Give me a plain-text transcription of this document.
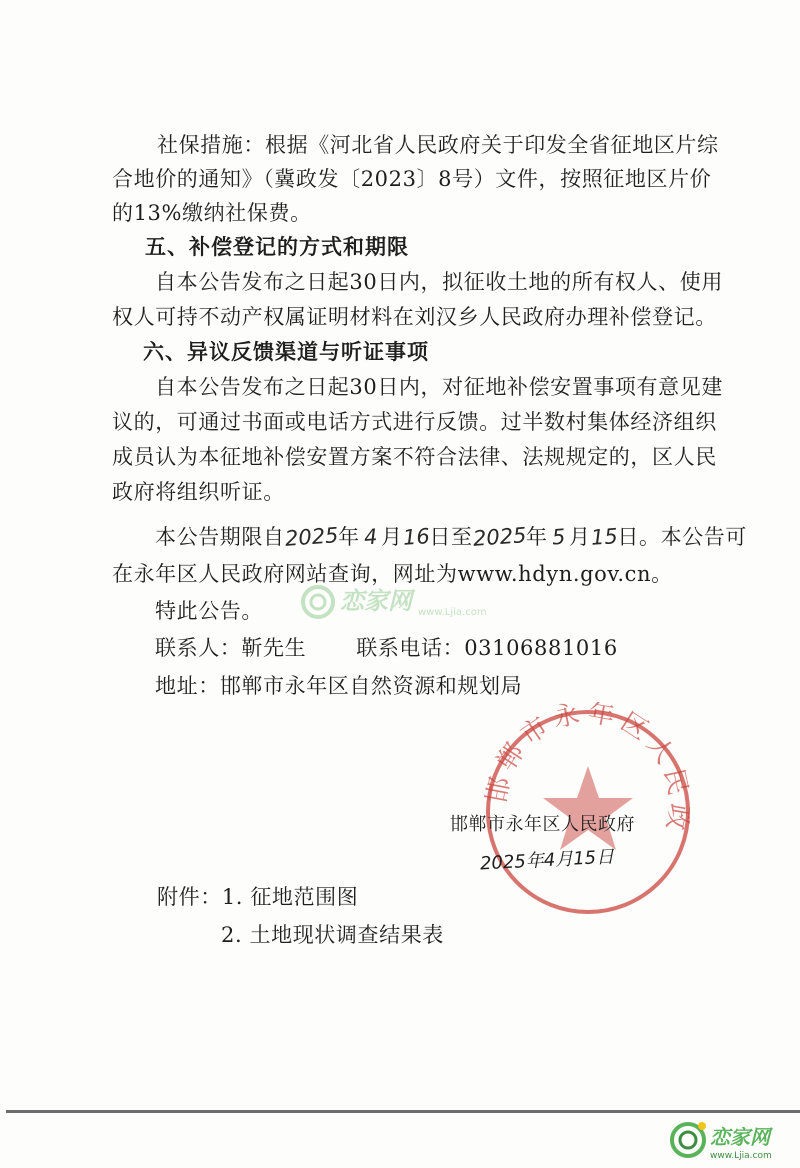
社保措施：根据《河北省人民政府关于印发全省征地区片综
合地价的通知》（冀政发〔2023〕8号）文件，按照征地区片价
的13%缴纳社保费。
五、补偿登记的方式和期限
自本公告发布之日起30日内，拟征收土地的所有权人、使用
权人可持不动产权属证明材料在刘汉乡人民政府办理补偿登记。
六、异议反馈渠道与听证事项
自本公告发布之日起30日内，对征地补偿安置事项有意见建
议的，可通过书面或电话方式进行反馈。过半数村集体经济组织
成员认为本征地补偿安置方案不符合法律、法规规定的，区人民
政府将组织听证。
本公告期限自2025年 4 月16日至2025年 5 月15日。本公告可
在永年区人民政府网站查询，网址为www.hdyn.gov.cn。
特此公告。
联系人：靳先生 联系电话：03106881016
地址：邯郸市永年区自然资源和规划局
恋家网 www.Ljia.com
邯郸市永年区人民政
邯郸市永年区人民政府
2025年4月15日
附件：1. 征地范围图
2. 土地现状调查结果表
恋家网
www.Ljia.com
